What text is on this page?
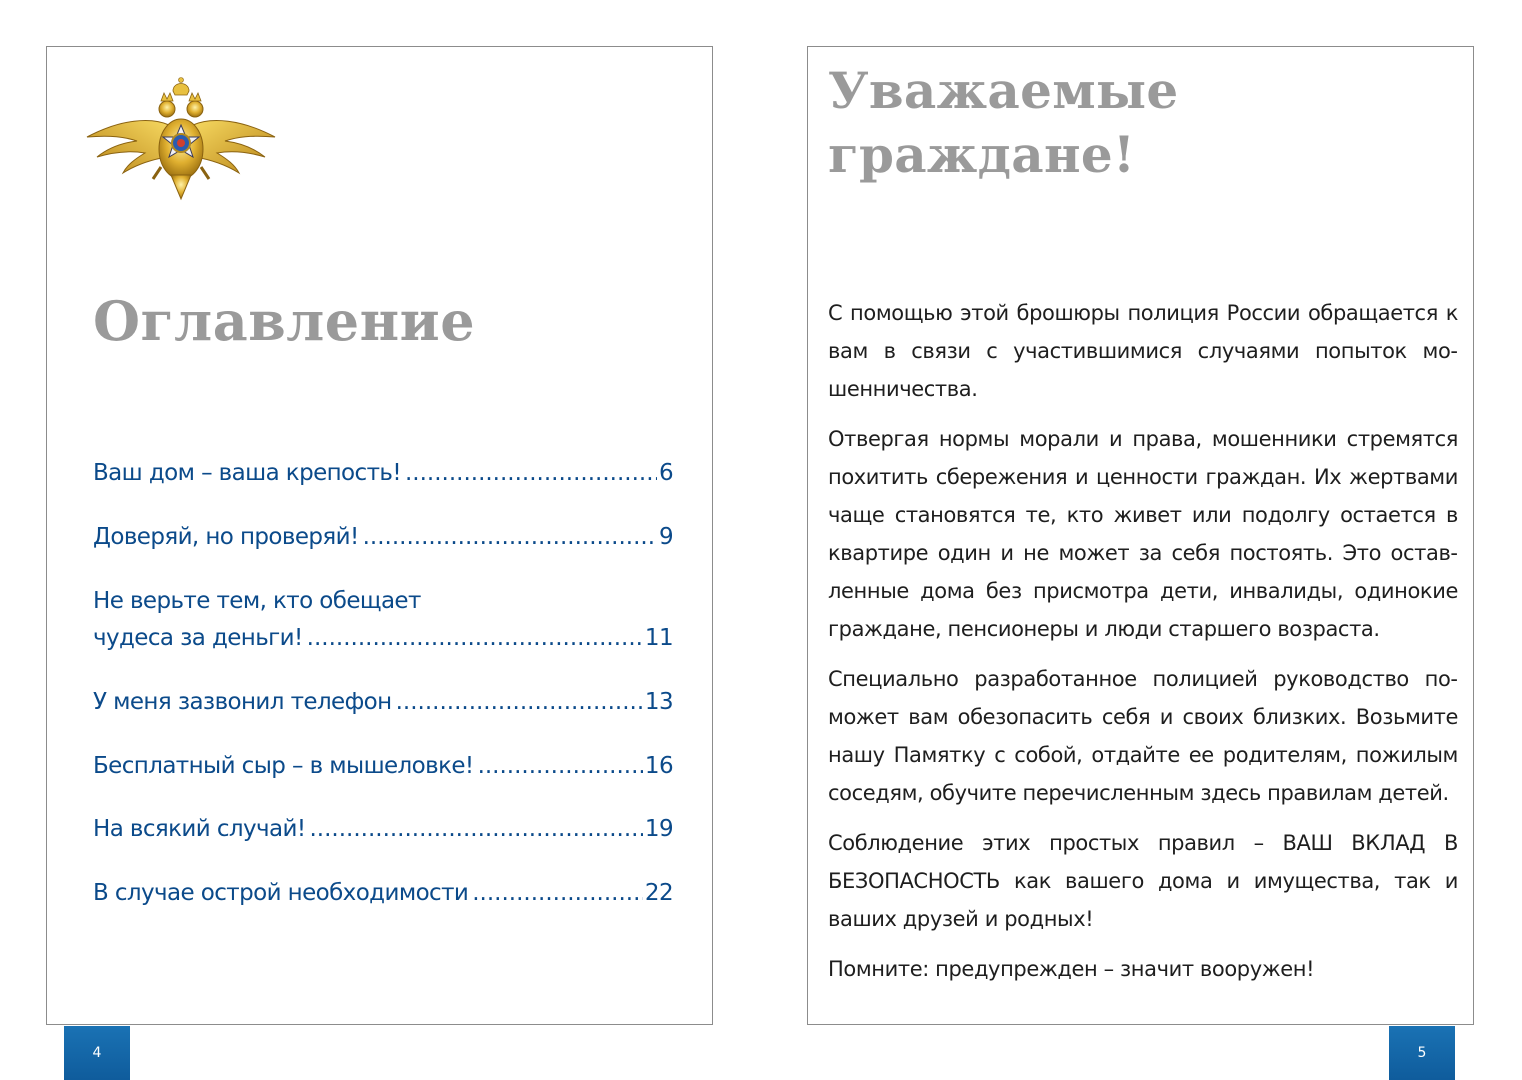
Оглавление
Ваш дом – ваша крепость! .....	6
Доверяй, но проверяй! .....	9
Не верьте тем, кто обещает
чудеса за деньги! .....	11
У меня зазвонил телефон .....	13
Бесплатный сыр – в мышеловке! .....	16
На всякий случай! .....	19
В случае острой необходимости .....	22
4
Уважаемые
граждане!

С помощью этой брошюры полиция России обращается к вам в связи с участившимися случаями попыток мошенничества.

Отвергая нормы морали и права, мошенники стремятся похитить сбережения и ценности граждан. Их жертвами чаще становятся те, кто живет или подолгу остается в квартире один и не может за себя постоять. Это оставленные дома без присмотра дети, инвалиды, одинокие граждане, пенсионеры и люди старшего возраста.

Специально разработанное полицией руководство поможет вам обезопасить себя и своих близких. Возьмите нашу Памятку с собой, отдайте ее родителям, пожилым соседям, обучите перечисленным здесь правилам детей.

Соблюдение этих простых правил – ВАШ ВКЛАД В БЕЗОПАСНОСТЬ как вашего дома и имущества, так и ваших друзей и родных!

Помните: предупрежден – значит вооружен!

5
